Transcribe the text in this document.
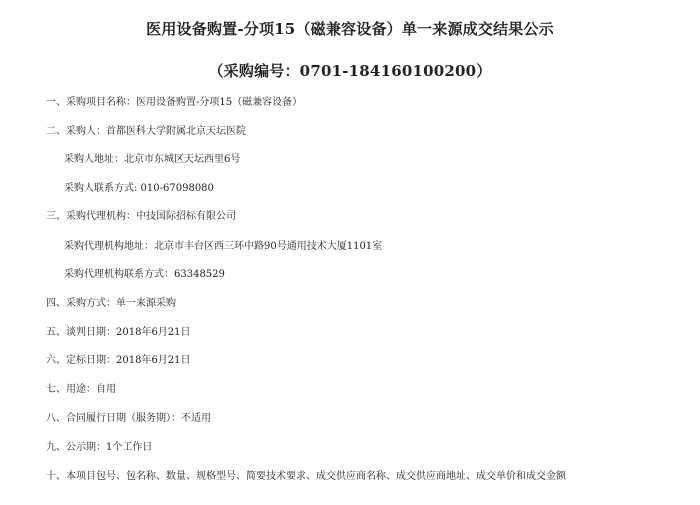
医用设备购置-分项15（磁兼容设备）单一来源成交结果公示
（采购编号：0701-184160100200）
一、采购项目名称：医用设备购置-分项15（磁兼容设备）
二、采购人：首都医科大学附属北京天坛医院
采购人地址：北京市东城区天坛西里6号
采购人联系方式: 010-67098080
三、采购代理机构：中技国际招标有限公司
采购代理机构地址：北京市丰台区西三环中路90号通用技术大厦1101室
采购代理机构联系方式：63348529
四、采购方式：单一来源采购
五、谈判日期：2018年6月21日
六、定标日期：2018年6月21日
七、用途：自用
八、合同履行日期（服务期）：不适用
九、公示期：1个工作日
十、本项目包号、包名称、数量、规格型号、简要技术要求、成交供应商名称、成交供应商地址、成交单价和成交金额
